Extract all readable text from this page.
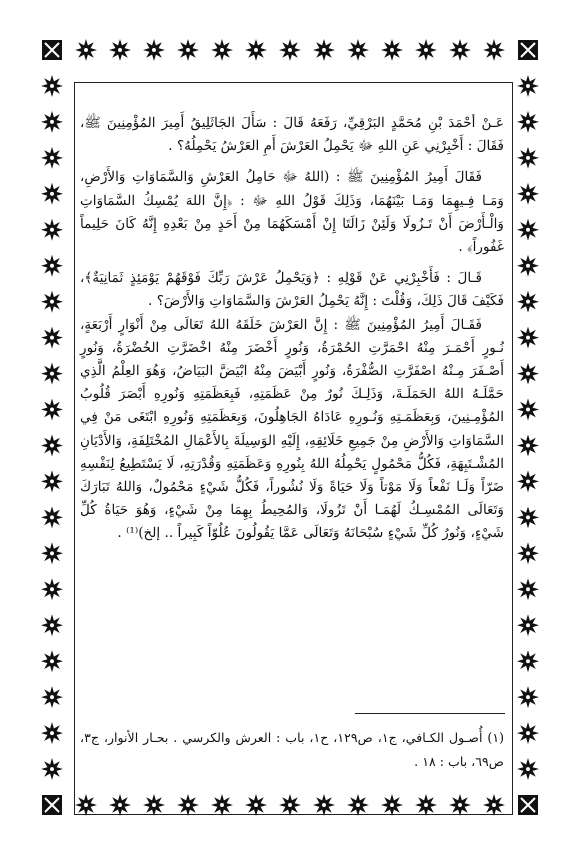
عَـنْ أحْمَدَ بْنِ مُحَمَّدٍ البَرْقِيِّ، رَفَعَهُ قَالَ : سَأَلَ الجَاثَلِيقُ أَمِيرَ المُؤْمِنِينَ ﷺ، فَقَالَ : أَخْبِرْنِي عَنِ اللهِ ﷻ يَحْمِلُ العَرْشَ أَمِ العَرْشُ يَحْمِلُهُ؟ .

فَقَالَ أَمِيرُ المُؤْمِنِينَ ﷺ : (اللهُ ﷻ حَامِلُ العَرْشِ وَالسَّمَاوَاتِ وَالأَرْضِ، وَمَـا فِـيهِمَا وَمَـا بَيْنَهُمَا، وَذَلِكَ قَوْلُ اللهِ ﷻ : ﴿إِنَّ اللهَ يُمْسِكُ السَّمَاوَاتِ وَالْـأَرْضَ أَنْ تَـزُولَا وَلَئِنْ زَالَتَا إِنْ أَمْسَكَهُمَا مِنْ أَحَدٍ مِنْ بَعْدِهِ إِنَّهُ كَانَ حَلِيماً غَفُوراً﴾ .

قَـالَ : فَأَخْبِرْنِي عَنْ قَوْلِهِ : ﴿وَيَحْمِلُ عَرْشَ رَبِّكَ فَوْقَهُمْ يَوْمَئِذٍ ثَمَانِيَةٌ﴾، فَكَيْفَ قَالَ ذَلِكَ، وَقُلْتَ : إِنَّهُ يَحْمِلُ العَرْشَ وَالسَّمَاوَاتِ وَالأَرْضَ؟ .

فَقَـالَ أَمِيرُ المُؤْمِنِينَ ﷺ : إِنَّ العَرْشَ خَلَقَهُ اللهُ تَعَالَى مِنْ أَنْوَارٍ أَرْبَعَةٍ، نُـورٍ أَحْمَـرَ مِنْهُ احْمَرَّتِ الحُمْرَةُ، وَنُورٍ أَخْضَرَ مِنْهُ اخْضَرَّتِ الخُضْرَةُ، وَنُورٍ أَصْـفَرَ مِـنْهُ اصْفَرَّتِ الصُّفْرَةُ، وَنُورٍ أَبْيَضَ مِنْهُ ابْيَضَّ البَيَاضُ، وَهُوَ العِلْمُ الَّذِي حَمَّلَـهُ اللهُ الحَمَلَـةَ، وَذَلِـكَ نُورٌ مِنْ عَظَمَتِهِ، فَبِعَظَمَتِهِ وَنُورِهِ أَبْصَرَ قُلُوبُ المُؤْمِـنِينَ، وَبِعَظَمَـتِهِ وَنُـورِهِ عَادَاهُ الجَاهِلُونَ، وَبِعَظَمَتِهِ وَنُورِهِ ابْتَغَى مَنْ فِي السَّمَاوَاتِ وَالأَرْضِ مِنْ جَمِيعِ خَلَائِقِهِ، إِلَيْهِ الوَسِيلَةَ بِالأَعْمَالِ المُخْتَلِفَةِ، وَالأَدْيَانِ المُشْـتَبِهَةِ، فَكُلُّ مَحْمُولٍ يَحْمِلُهُ اللهُ بِنُورِهِ وَعَظَمَتِهِ وَقُدْرَتِهِ، لَا يَسْتَطِيعُ لِنَفْسِهِ ضَرّاً وَلَـا نَفْعاً وَلَا مَوْتاً وَلَا حَيَاةً وَلَا نُشُوراً، فَكُلُّ شَيْءٍ مَحْمُولٌ، وَاللهُ تَبَارَكَ وَتَعَالَى المُمْسِـكُ لَهُمَـا أَنْ تَزُولَا، وَالمُحِيطُ بِهِمَا مِنْ شَيْءٍ، وَهُوَ حَيَاةُ كُلِّ شَيْءٍ، وَنُورُ كُلِّ شَيْءٍ سُبْحَانَهُ وَتَعَالَى عَمَّا يَقُولُونَ عُلُوّاً كَبِيراً .. إلخ)⁽¹⁾ .

(١) أُصـول الكـافي، ج١، ص١٢٩، ح١، باب : العرش والكرسي . بحـار الأنوار، ج٣، ص٦٩، باب : ١٨ .
